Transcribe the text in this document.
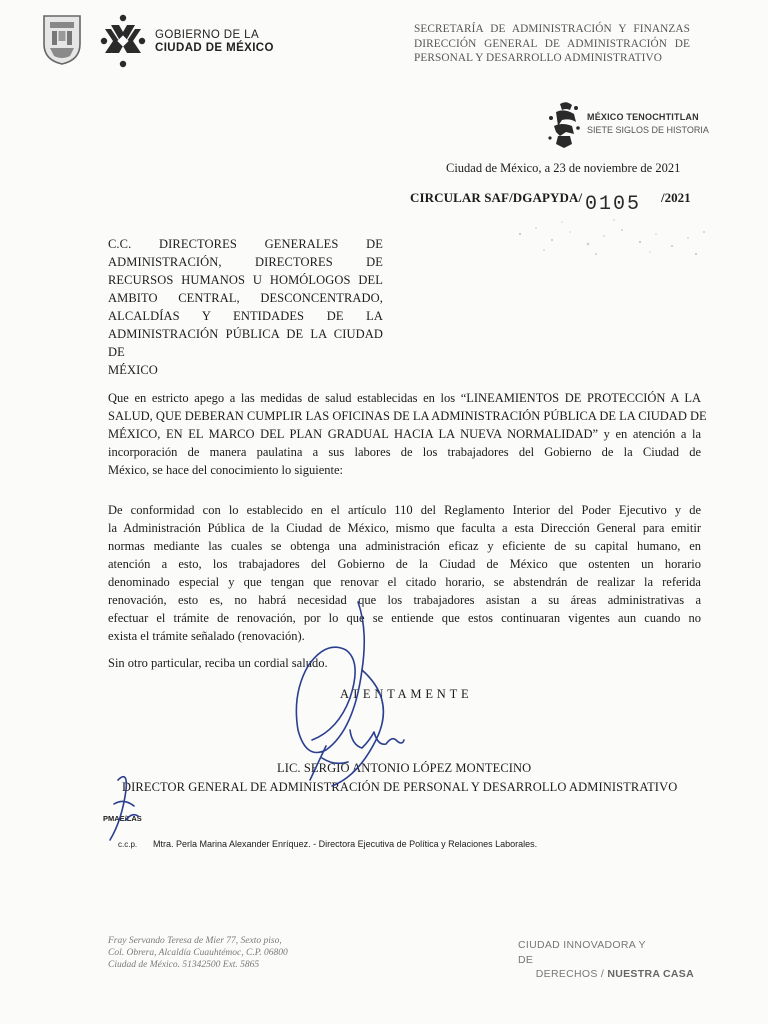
GOBIERNO DE LA
CIUDAD DE MÉXICO
SECRETARÍA DE ADMINISTRACIÓN Y FINANZAS
DIRECCIÓN GENERAL DE ADMINISTRACIÓN DE
PERSONAL Y DESARROLLO ADMINISTRATIVO
MÉXICO TENOCHTITLAN
SIETE SIGLOS DE HISTORIA
Ciudad de México, a 23 de noviembre de 2021
CIRCULAR SAF/DGAPYDA/ 0105 /2021
C.C. DIRECTORES GENERALES DE
ADMINISTRACIÓN, DIRECTORES DE
RECURSOS HUMANOS U HOMÓLOGOS DEL
AMBITO CENTRAL, DESCONCENTRADO,
ALCALDÍAS Y ENTIDADES DE LA
ADMINISTRACIÓN PÚBLICA DE LA CIUDAD DE
MÉXICO
Que en estricto apego a las medidas de salud establecidas en los “LINEAMIENTOS DE PROTECCIÓN A LA
SALUD, QUE DEBERAN CUMPLIR LAS OFICINAS DE LA ADMINISTRACIÓN PÚBLICA DE LA CIUDAD DE
MÉXICO, EN EL MARCO DEL PLAN GRADUAL HACIA LA NUEVA NORMALIDAD” y en atención a la
incorporación de manera paulatina a sus labores de los trabajadores del Gobierno de la Ciudad de
México, se hace del conocimiento lo siguiente:
De conformidad con lo establecido en el artículo 110 del Reglamento Interior del Poder Ejecutivo y de
la Administración Pública de la Ciudad de México, mismo que faculta a esta Dirección General para emitir
normas mediante las cuales se obtenga una administración eficaz y eficiente de su capital humano, en
atención a esto, los trabajadores del Gobierno de la Ciudad de México que ostenten un horario
denominado especial y que tengan que renovar el citado horario, se abstendrán de realizar la referida
renovación, esto es, no habrá necesidad que los trabajadores asistan a su áreas administrativas a
efectuar el trámite de renovación, por lo que se entiende que estos continuaran vigentes aun cuando no
exista el trámite señalado (renovación).
Sin otro particular, reciba un cordial saludo.
ATENTAMENTE
LIC. SERGIO ANTONIO LÓPEZ MONTECINO
DIRECTOR GENERAL DE ADMINISTRACIÓN DE PERSONAL Y DESARROLLO ADMINISTRATIVO
PMAE/LAS
c.c.p. Mtra. Perla Marina Alexander Enríquez. - Directora Ejecutiva de Política y Relaciones Laborales.
Fray Servando Teresa de Mier 77, Sexto piso,
Col. Obrera, Alcaldía Cuauhtémoc, C.P. 06800
Ciudad de México. 51342500 Ext. 5865
CIUDAD INNOVADORA Y DE
DERECHOS / NUESTRA CASA
